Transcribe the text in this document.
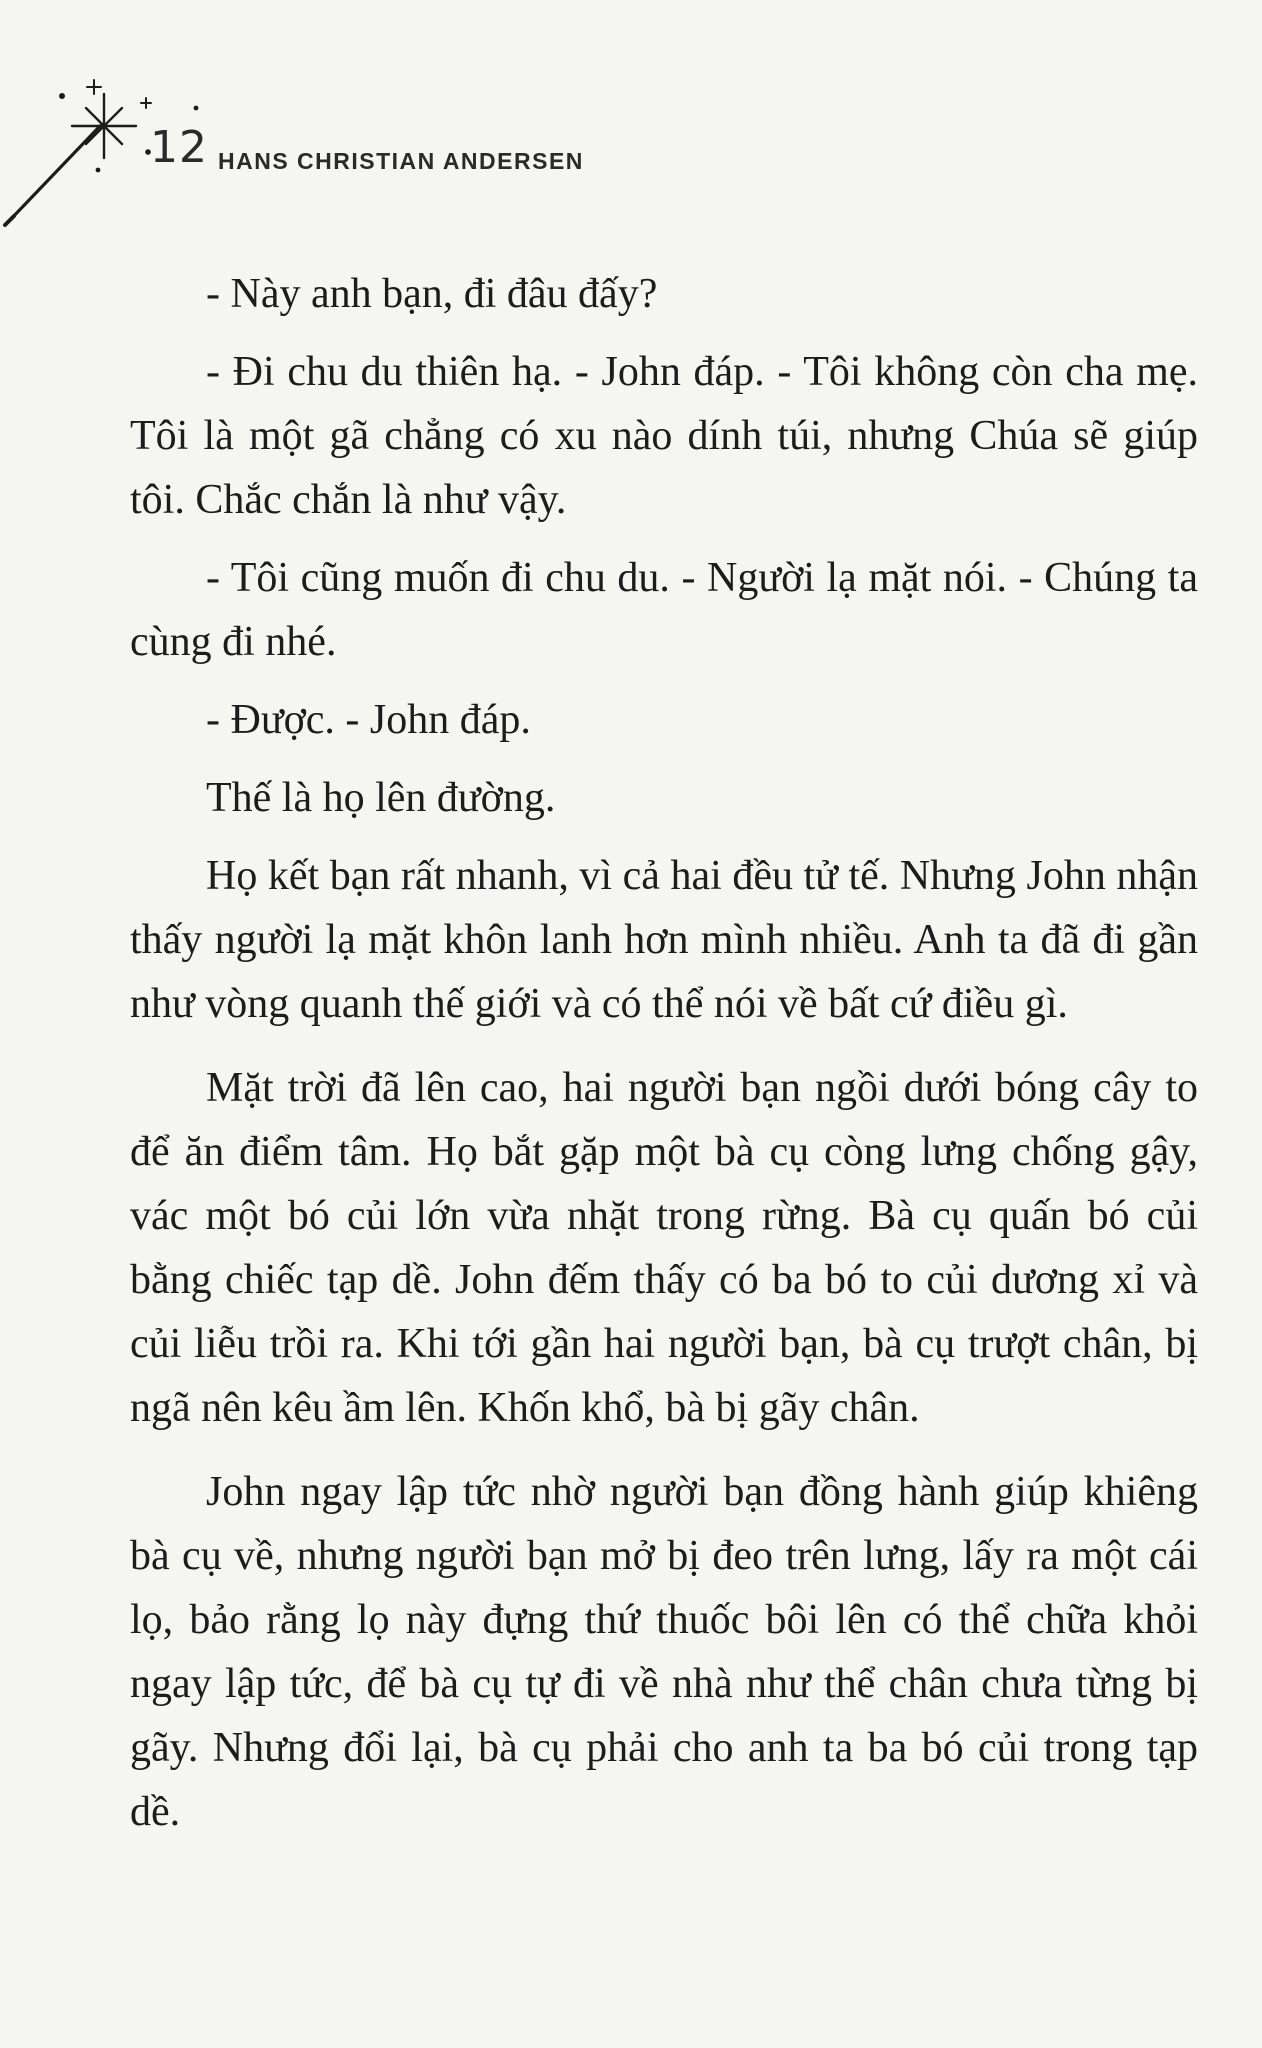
12 HANS CHRISTIAN ANDERSEN

- Này anh bạn, đi đâu đấy?

- Đi chu du thiên hạ. - John đáp. - Tôi không còn cha mẹ. Tôi là một gã chẳng có xu nào dính túi, nhưng Chúa sẽ giúp tôi. Chắc chắn là như vậy.

- Tôi cũng muốn đi chu du. - Người lạ mặt nói. - Chúng ta cùng đi nhé.

- Được. - John đáp.

Thế là họ lên đường.

Họ kết bạn rất nhanh, vì cả hai đều tử tế. Nhưng John nhận thấy người lạ mặt khôn lanh hơn mình nhiều. Anh ta đã đi gần như vòng quanh thế giới và có thể nói về bất cứ điều gì.

Mặt trời đã lên cao, hai người bạn ngồi dưới bóng cây to để ăn điểm tâm. Họ bắt gặp một bà cụ còng lưng chống gậy, vác một bó củi lớn vừa nhặt trong rừng. Bà cụ quấn bó củi bằng chiếc tạp dề. John đếm thấy có ba bó to củi dương xỉ và củi liễu trồi ra. Khi tới gần hai người bạn, bà cụ trượt chân, bị ngã nên kêu ầm lên. Khốn khổ, bà bị gãy chân.

John ngay lập tức nhờ người bạn đồng hành giúp khiêng bà cụ về, nhưng người bạn mở bị đeo trên lưng, lấy ra một cái lọ, bảo rằng lọ này đựng thứ thuốc bôi lên có thể chữa khỏi ngay lập tức, để bà cụ tự đi về nhà như thể chân chưa từng bị gãy. Nhưng đổi lại, bà cụ phải cho anh ta ba bó củi trong tạp dề.
